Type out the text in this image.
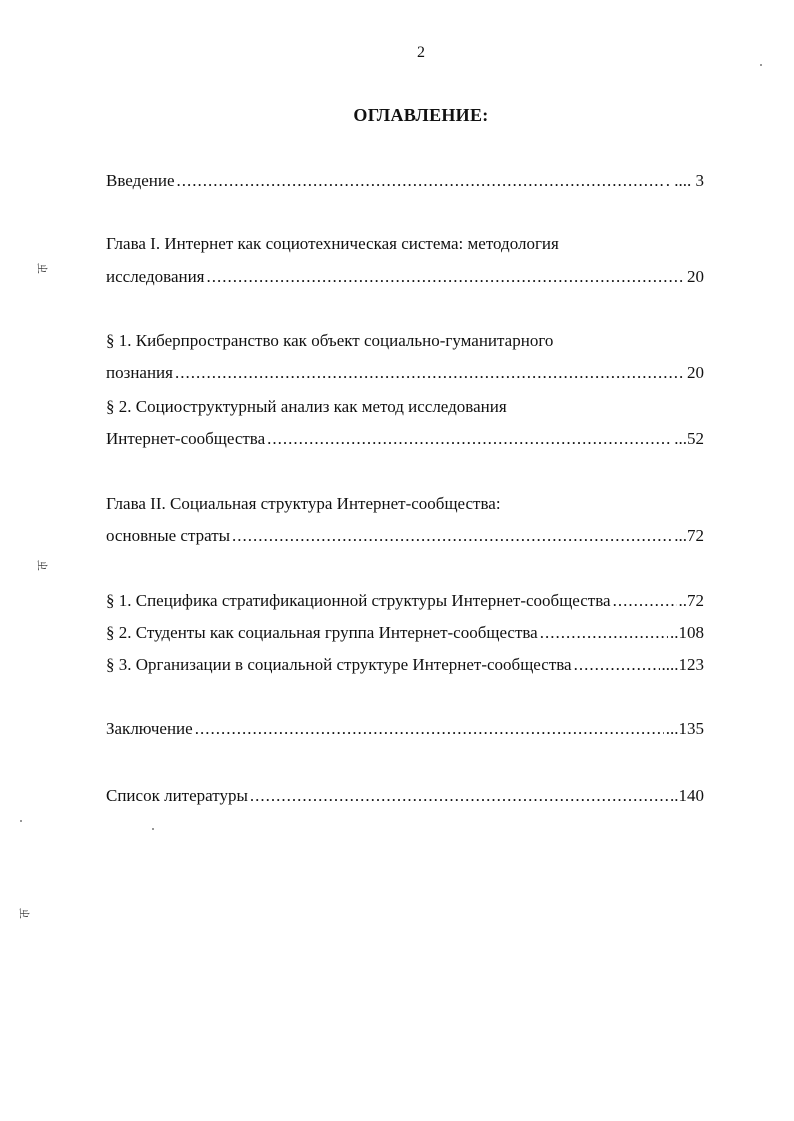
2
ОГЛАВЛЕНИЕ:
Введение .....	. .... 3
Глава I. Интернет как социотехническая система: методология
исследования .....	20
§ 1. Киберпространство как объект социально-гуманитарного
познания .....	20
§ 2. Социоструктурный анализ как метод исследования
Интернет-сообщества .....	...52
Глава II. Социальная структура Интернет-сообщества:
основные страты .....	...72
§ 1. Специфика стратификационной структуры Интернет-сообщества .....	..72
§ 2. Студенты как социальная группа Интернет-сообщества .....	..108
§ 3. Организации в социальной структуре Интернет-сообщества .....	....123
Заключение .....	...135
Список литературы .....	..140
ㄓ
ㄓ
ㄓ
